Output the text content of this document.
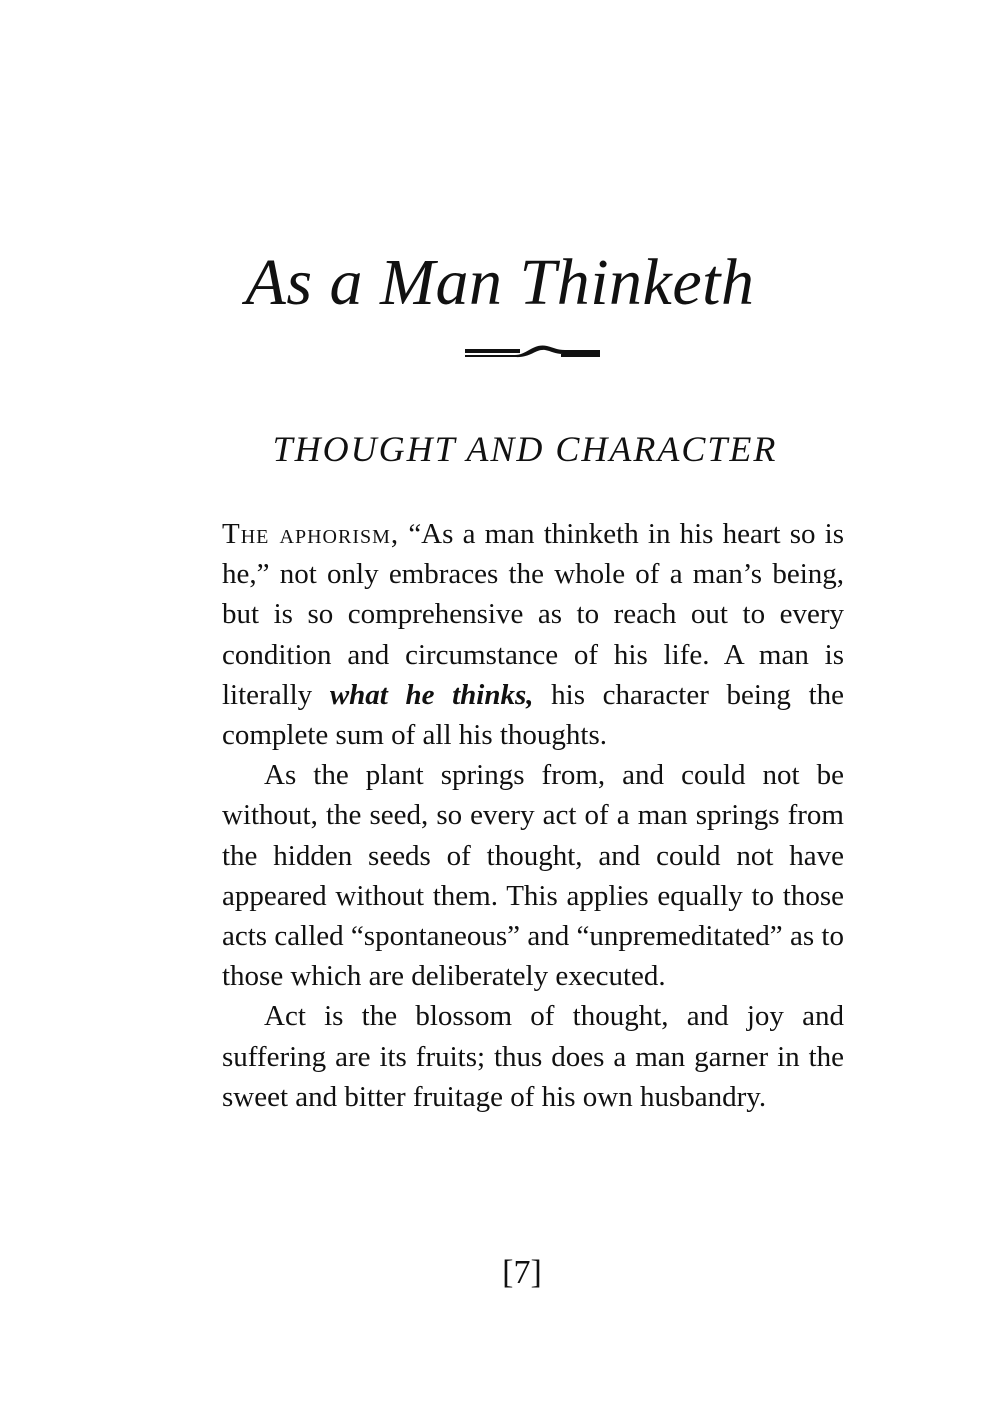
As a Man Thinketh
THOUGHT AND CHARACTER

The aphorism, “As a man thinketh in his heart so is he,” not only embraces the whole of a man’s being, but is so comprehensive as to reach out to every condition and circumstance of his life. A man is literally what he thinks, his character being the complete sum of all his thoughts.

As the plant springs from, and could not be without, the seed, so every act of a man springs from the hidden seeds of thought, and could not have appeared without them. This applies equally to those acts called “spontaneous” and “unpremeditated” as to those which are deliberately executed.

Act is the blossom of thought, and joy and suffering are its fruits; thus does a man garner in the sweet and bitter fruitage of his own husbandry.

[7]
